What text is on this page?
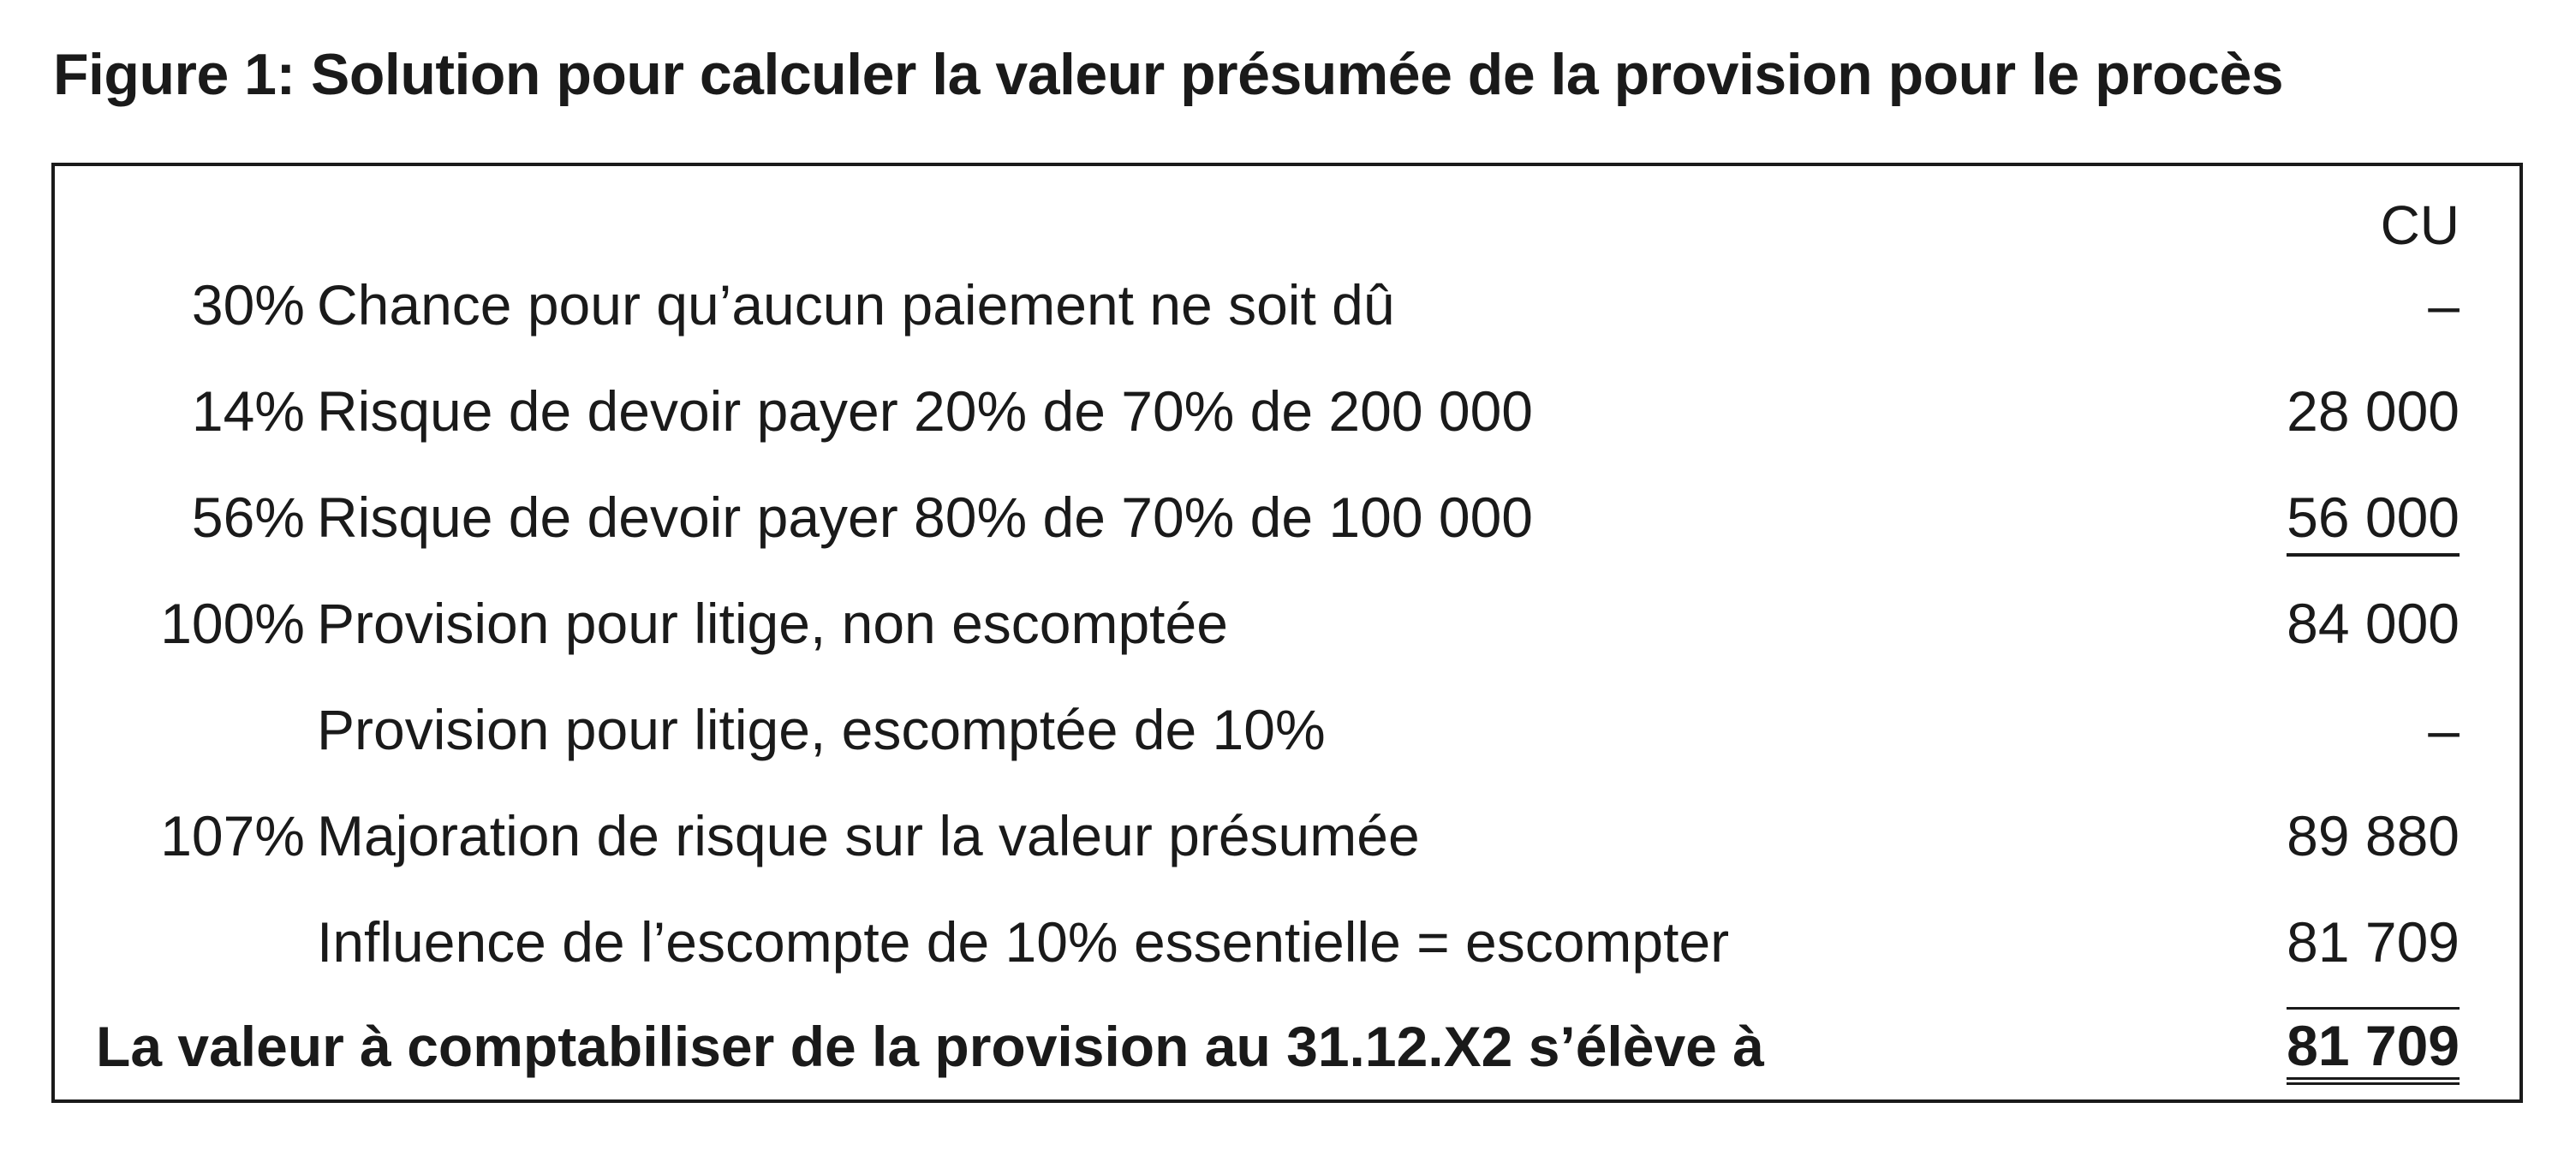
Figure 1: Solution pour calculer la valeur présumée de la provision pour le procès
CU
30% Chance pour qu’aucun paiement ne soit dû	–
14% Risque de devoir payer 20% de 70% de 200 000	28 000
56% Risque de devoir payer 80% de 70% de 100 000	56 000
100% Provision pour litige, non escomptée	84 000
Provision pour litige, escomptée de 10%	–
107% Majoration de risque sur la valeur présumée	89 880
Influence de l’escompte de 10% essentielle = escompter	81 709
La valeur à comptabiliser de la provision au 31.12.X2 s’élève à	81 709
